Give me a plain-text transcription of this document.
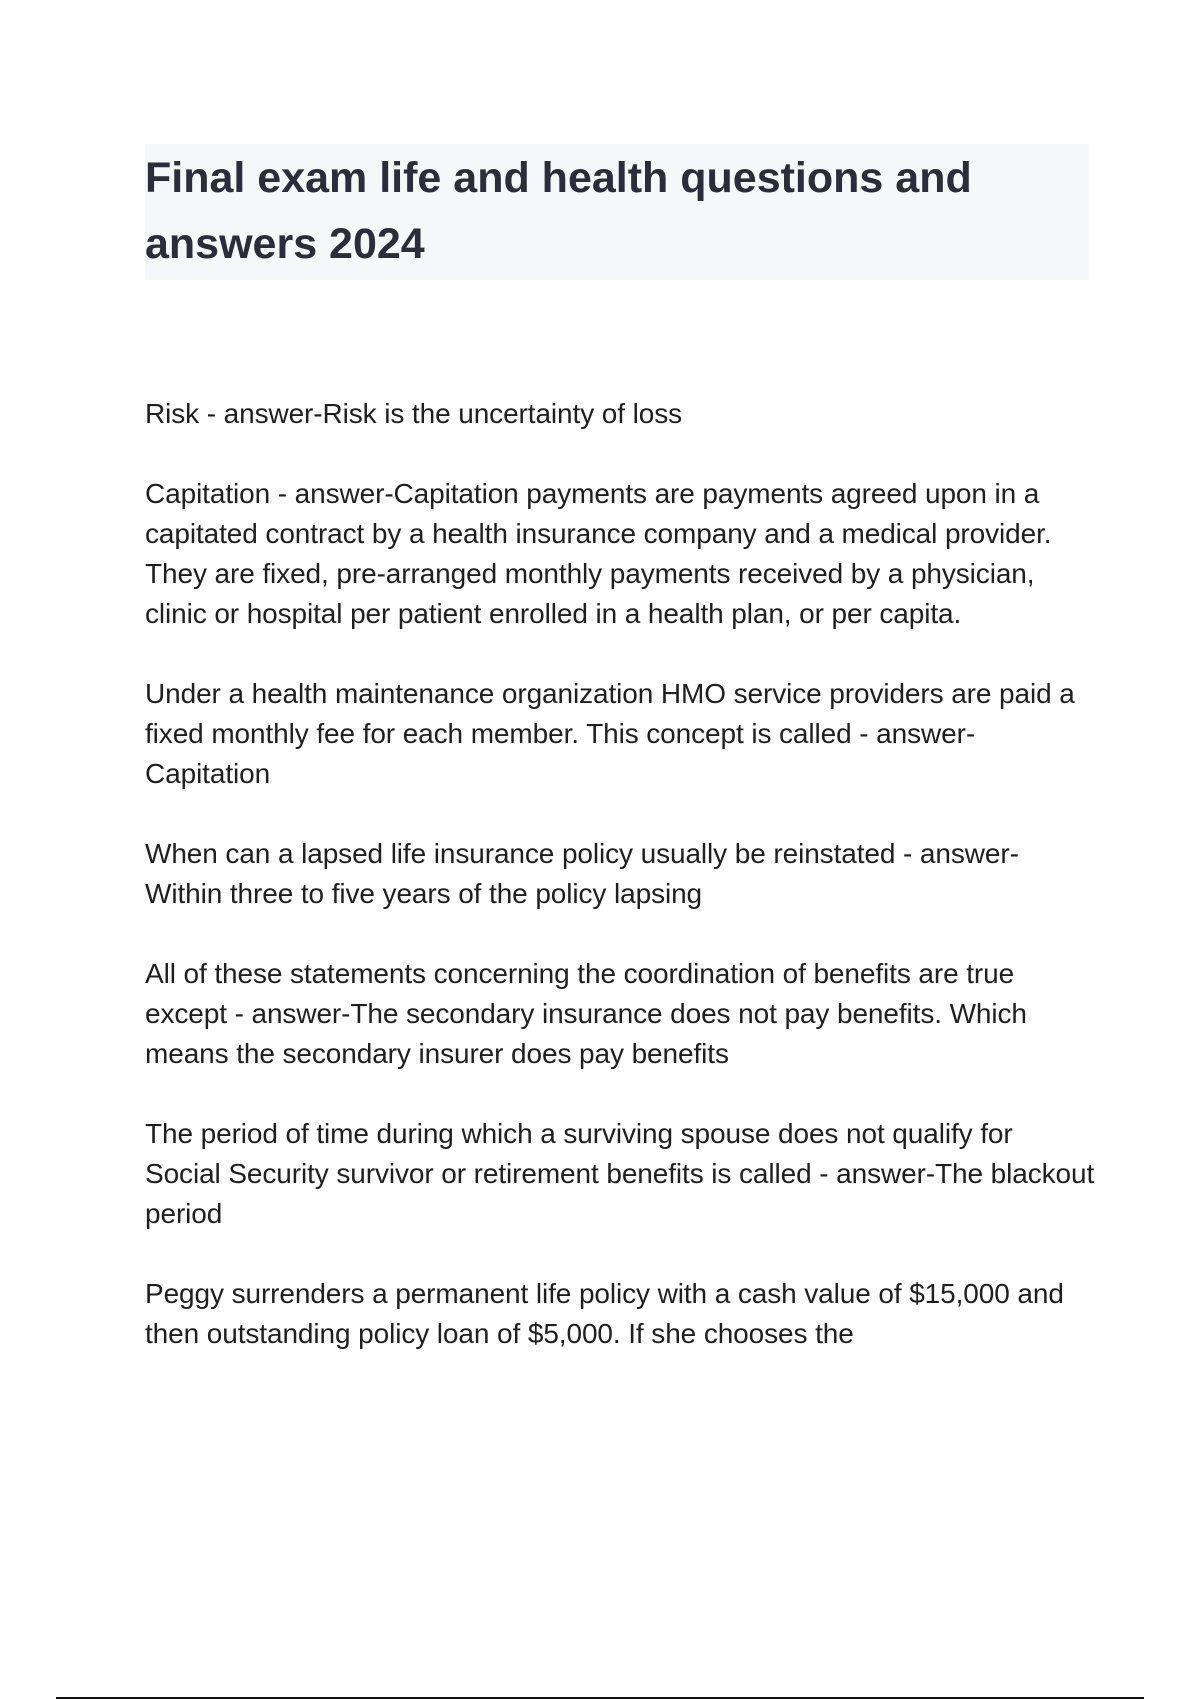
Final exam life and health questions and answers 2024

Risk - answer-Risk is the uncertainty of loss

Capitation - answer-Capitation payments are payments agreed upon in a capitated contract by a health insurance company and a medical provider. They are fixed, pre-arranged monthly payments received by a physician, clinic or hospital per patient enrolled in a health plan, or per capita.

Under a health maintenance organization HMO service providers are paid a fixed monthly fee for each member. This concept is called - answer-Capitation

When can a lapsed life insurance policy usually be reinstated - answer-Within three to five years of the policy lapsing

All of these statements concerning the coordination of benefits are true except - answer-The secondary insurance does not pay benefits. Which means the secondary insurer does pay benefits

The period of time during which a surviving spouse does not qualify for Social Security survivor or retirement benefits is called - answer-The blackout period

Peggy surrenders a permanent life policy with a cash value of $15,000 and then outstanding policy loan of $5,000. If she chooses the
